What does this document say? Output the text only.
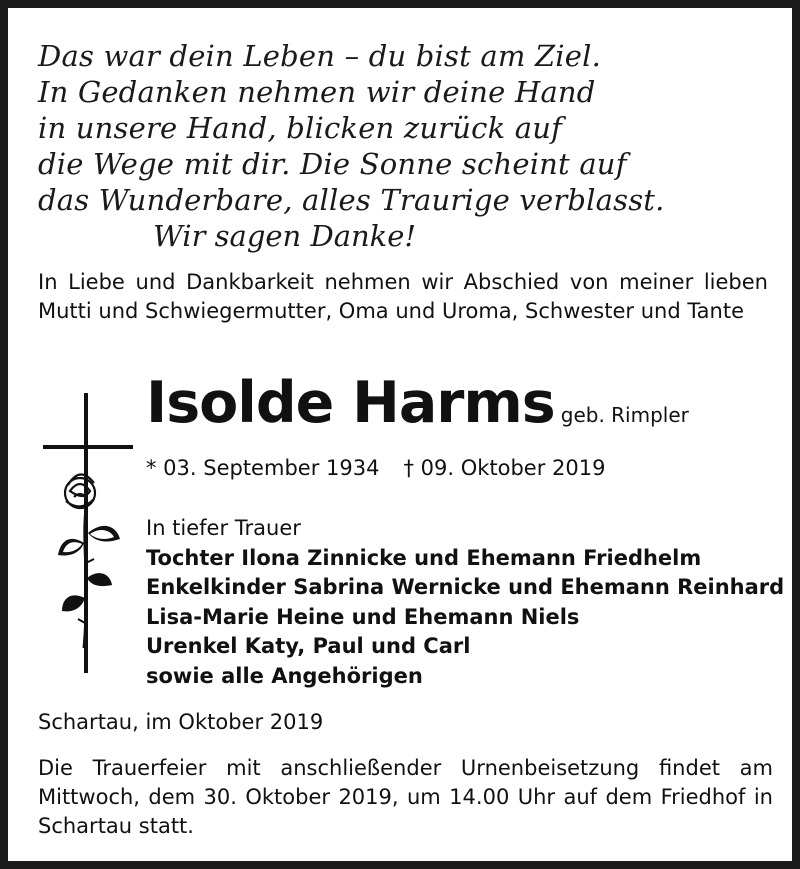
Das war dein Leben – du bist am Ziel.
In Gedanken nehmen wir deine Hand
in unsere Hand, blicken zurück auf
die Wege mit dir. Die Sonne scheint auf
das Wunderbare, alles Traurige verblasst.
Wir sagen Danke!
In Liebe und Dankbarkeit nehmen wir Abschied von meiner lieben Mutti und Schwiegermutter, Oma und Uroma, Schwester und Tante
Isolde Harms geb. Rimpler
* 03. September 1934 † 09. Oktober 2019
In tiefer Trauer
Tochter Ilona Zinnicke und Ehemann Friedhelm
Enkelkinder Sabrina Wernicke und Ehemann Reinhard
Lisa-Marie Heine und Ehemann Niels
Urenkel Katy, Paul und Carl
sowie alle Angehörigen
Schartau, im Oktober 2019
Die Trauerfeier mit anschließender Urnenbeisetzung findet am Mittwoch, dem 30. Oktober 2019, um 14.00 Uhr auf dem Friedhof in Schartau statt.
